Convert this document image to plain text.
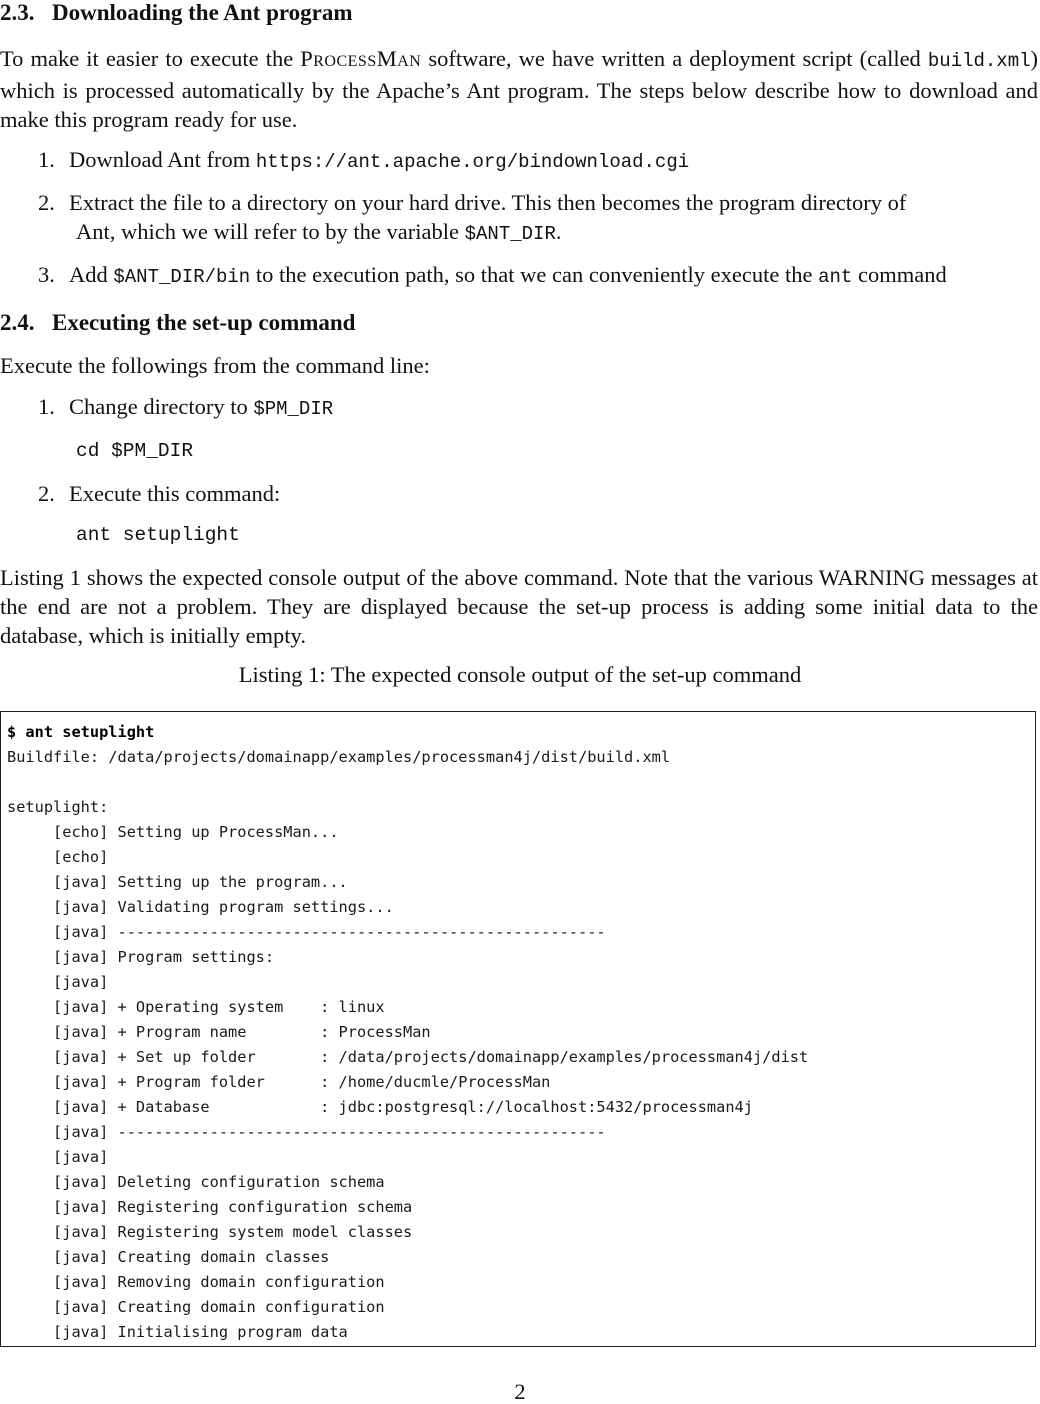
2.3. Downloading the Ant program
To make it easier to execute the ProcessMan software, we have written a deployment script (called build.xml) which is processed automatically by the Apache’s Ant program. The steps below describe how to download and make this program ready for use.
1. Download Ant from https://ant.apache.org/bindownload.cgi
2. Extract the file to a directory on your hard drive. This then becomes the program directory of
Ant, which we will refer to by the variable $ANT_DIR.
3. Add $ANT_DIR/bin to the execution path, so that we can conveniently execute the ant command
2.4. Executing the set-up command
Execute the followings from the command line:
1. Change directory to $PM_DIR
cd $PM_DIR
2. Execute this command:
ant setuplight
Listing 1 shows the expected console output of the above command. Note that the various WARNING messages at the end are not a problem. They are displayed because the set-up process is adding some initial data to the database, which is initially empty.
Listing 1: The expected console output of the set-up command
$ ant setuplight
Buildfile: /data/projects/domainapp/examples/processman4j/dist/build.xml
setuplight:
[echo] Setting up ProcessMan...
[echo]
[java] Setting up the program...
[java] Validating program settings...
[java] -----------------------------------------------------
[java] Program settings:
[java]
[java] + Operating system    : linux
[java] + Program name        : ProcessMan
[java] + Set up folder       : /data/projects/domainapp/examples/processman4j/dist
[java] + Program folder      : /home/ducmle/ProcessMan
[java] + Database            : jdbc:postgresql://localhost:5432/processman4j
[java] -----------------------------------------------------
[java]
[java] Deleting configuration schema
[java] Registering configuration schema
[java] Registering system model classes
[java] Creating domain classes
[java] Removing domain configuration
[java] Creating domain configuration
[java] Initialising program data
2
